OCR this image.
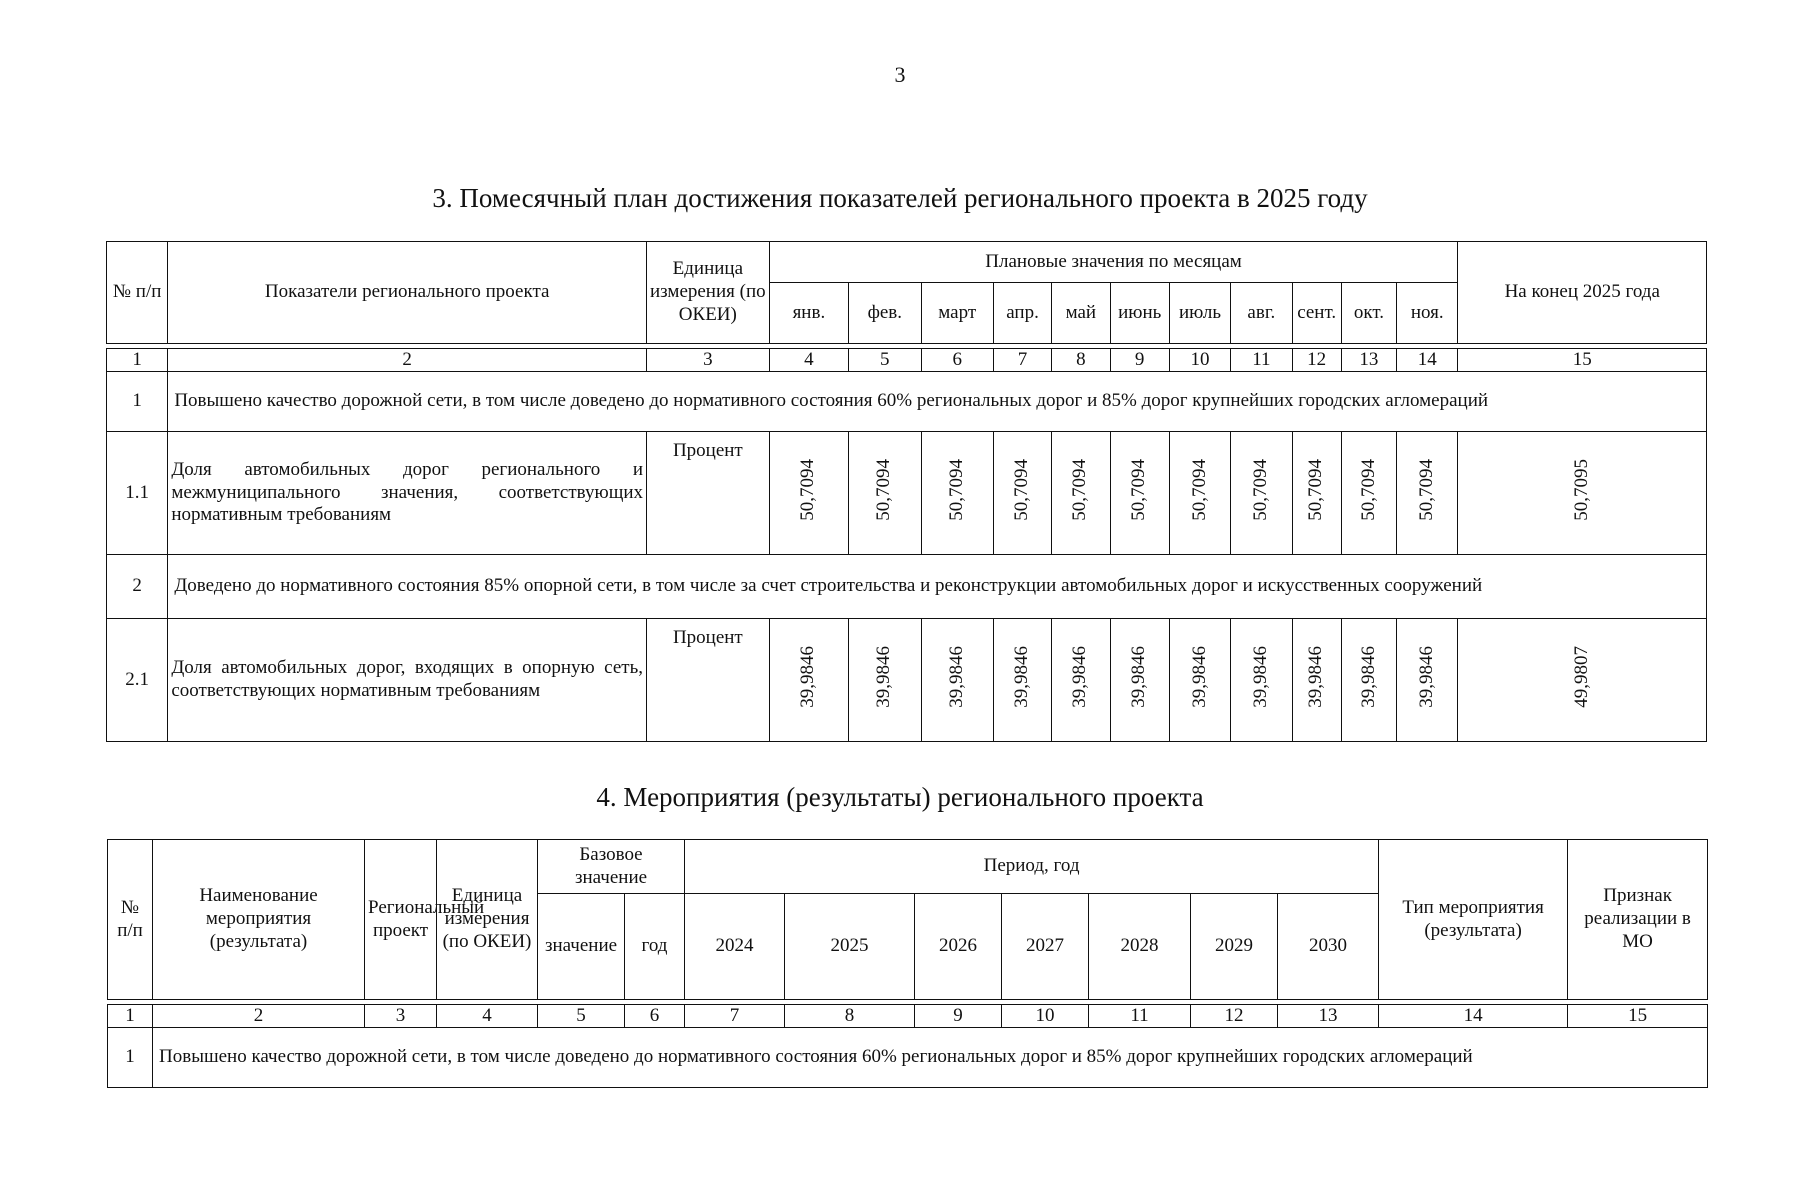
3
3. Помесячный план достижения показателей регионального проекта в 2025 году
№ п/п	Показатели регионального проекта	Единица измерения (по ОКЕИ)	Плановые значения по месяцам											На конец 2025 года
			янв.	фев.	март	апр.	май	июнь	июль	авг.	сент.	окт.	ноя.	

1	2	3	4	5	6	7	8	9	10	11	12	13	14	15
1	Повышено качество дорожной сети, в том числе доведено до нормативного состояния 60% региональных дорог и 85% дорог крупнейших городских агломераций													
1.1	Доля автомобильных дорог регионального и межмуниципального значения, соответствующих нормативным требованиям	Процент	50,7094	50,7094	50,7094	50,7094	50,7094	50,7094	50,7094	50,7094	50,7094	50,7094	50,7094	50,7095
2	Доведено до нормативного состояния 85% опорной сети, в том числе за счет строительства и реконструкции автомобильных дорог и искусственных сооружений													
2.1	Доля автомобильных дорог, входящих в опорную сеть, соответствующих нормативным требованиям	Процент	39,9846	39,9846	39,9846	39,9846	39,9846	39,9846	39,9846	39,9846	39,9846	39,9846	39,9846	49,9807
4. Мероприятия (результаты) регионального проекта
№ п/п	Наименование мероприятия (результата)	Региональный проект	Единица измерения (по ОКЕИ)	Базовое значение		Период, год							Тип мероприятия (результата)	Признак реализации в МО
				значение	год	2024	2025	2026	2027	2028	2029	2030		

1	2	3	4	5	6	7	8	9	10	11	12	13	14	15
1	Повышено качество дорожной сети, в том числе доведено до нормативного состояния 60% региональных дорог и 85% дорог крупнейших городских агломераций													
